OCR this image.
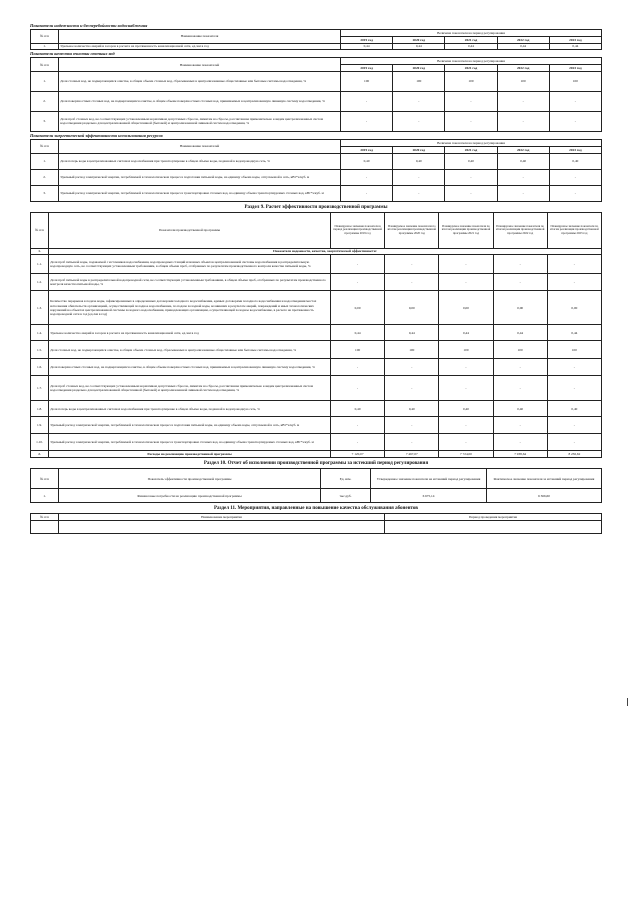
Показатели надежности и бесперебойности водоснабжения
№ п/п	Наименование показателя	Величина показателя на период регулирования				
		2019 год	2020 год	2021 год	2022 год	2023 год
1.	Удельное количество аварий и засоров в расчете на протяженность канализационной сети, ед./км в год	0,44	0,44	0,44	0,44	0,44
Показатели качества очистки сточных вод
№ п/п	Наименование показателей	Величина показателя на период регулирования				
		2019 год	2020 год	2021 год	2022 год	2023 год
1.	Доля сточных вод, не подвергающихся очистке, в общем объеме сточных вод, сбрасываемых в централизованные общесплавные или бытовые системы водоотведения, %	100	100	100	100	100
2.	Доля поверхностных сточных вод, не подвергающихся очистке, в общем объеме поверхностных сточных вод, принимаемых в централизованную ливневую систему водоотведения, %	-	-	-	-	-
3.	Доля проб сточных вод, не соответствующих установленным нормативам допустимых сбросов, лимитам на сбросы, рассчитанная применительно к видам централизованных систем водоотведения раздельно для централизованной общесплавной (бытовой) и централизованной ливневой систем водоотведения, %	-	-	-	-	-
Показатели энергетической эффективности использования ресурсов
№ п/п	Наименование показателей	Величина показателя на период регулирования				
		2019 год	2020 год	2021 год	2022 год	2023 год
1.	Доля потерь воды в централизованных системах водоснабжения при транспортировке в общем объеме воды, поданной в водопроводную сеть, %	0,40	0,40	0,40	0,40	0,40
2.	Удельный расход электрической энергии, потребляемой в технологическом процессе подготовки питьевой воды, на единицу объема воды, отпускаемой в сеть, кВт*ч/куб. м	-	-	-	-	-
3.	Удельный расход электрической энергии, потребляемой в технологическом процессе транспортировки сточных вод, на единицу объема транспортируемых сточных вод, кВт*ч/куб. м	-	-	-	-	-
Раздел 9. Расчет эффективности производственной программы
№ п/п	Показатели производственной программы	Планируемое значение показателя в период реализации производственной программы 2019 год	Планируемое значение показателя по итогам реализации производственной программы 2020 год	Планируемое значение показателя по итогам реализации производственной программы 2021 год	Планируемое значение показателя по итогам реализации производственной программы 2022 год	Планируемое значение показателя по итогам реализации производственной программы 2023 год
1.	Показатели надежности, качества, энергетической эффективности:					
1.1.	Доля проб питьевой воды, подаваемой с источников водоснабжения, водопроводных станций или иных объектов централизованной системы водоснабжения в распределительную водопроводную сеть, не соответствующих установленным требованиям, в общем объеме проб, отобранных по результатам производственного контроля качества питьевой воды, %	-	-	-	-	-
1.2.	Доля проб питьевой воды в распределительной водопроводной сети, не соответствующих установленным требованиям, в общем объеме проб, отобранных по результатам производственного контроля качества питьевой воды, %	-	-	-	-	-
1.3.	Количество перерывов в подаче воды, зафиксированных в определенных договорами холодного водоснабжения, единых договорами холодного водоснабжения и водоотведения местах исполнения обязательств организацией, осуществляющей холодное водоснабжение, по подаче холодной воды, возникших в результате аварий, повреждений и иных технологических нарушений на объектах централизованной системы холодного водоснабжения, принадлежащих организации, осуществляющей холодное водоснабжение, в расчете на протяженность водопроводной сети в год (ед./км в год)	0,00	0,00	0,00	0,00	0,00
1.4.	Удельное количество аварий и засоров в расчете на протяженность канализационной сети, ед./км в год	0,44	0,44	0,44	0,44	0,44
1.5.	Доля сточных вод, не подвергающихся очистке, в общем объеме сточных вод, сбрасываемых в централизованные общесплавные или бытовые системы водоотведения, %	100	100	100	100	100
1.6.	Доля поверхностных сточных вод, не подвергающихся очистке, в общем объеме поверхностных сточных вод, принимаемых в централизованную ливневую систему водоотведения, %	-	-	-	-	-
1.7.	Доля проб сточных вод, не соответствующих установленным нормативам допустимых сбросов, лимитам на сбросы, рассчитанная применительно к видам централизованных систем водоотведения раздельно для централизованной общесплавной (бытовой) и централизованной ливневой систем водоотведения, %	-	-	-	-	-
1.8.	Доля потерь воды в централизованных системах водоснабжения при транспортировке в общем объеме воды, поданной в водопроводную сеть, %	0,40	0,40	0,40	0,40	0,40
1.9.	Удельный расход электрической энергии, потребляемой в технологическом процессе подготовки питьевой воды, на единицу объема воды, отпускаемой в сеть, кВт*ч/куб. м	-	-	-	-	-
1.10.	Удельный расход электрической энергии, потребляемой в технологическом процессе транспортировки сточных вод, на единицу объема транспортируемых сточных вод, кВт*ч/куб. м	-	-	-	-	-
2.	Расходы на реализацию производственной программы	7 120,07	7 467,07	7 724,00	7 938,64	8 236,62
Раздел 10. Отчет об исполнении производственной программы за истекший период регулирования
№ п/п	Показатель эффективности производственной программы	Ед. изм.	Утвержденное значение показателя на истекший период регулирования	Фактическое значение показателя за истекший период регулирования
1.	Финансовые потребности на реализацию производственной программы	тыс.руб.	6 675,14	6 366,60
Раздел 11. Мероприятия, направленные на повышение качества обслуживания абонентов
№ п/п	Наименование мероприятия	Период проведения мероприятия
